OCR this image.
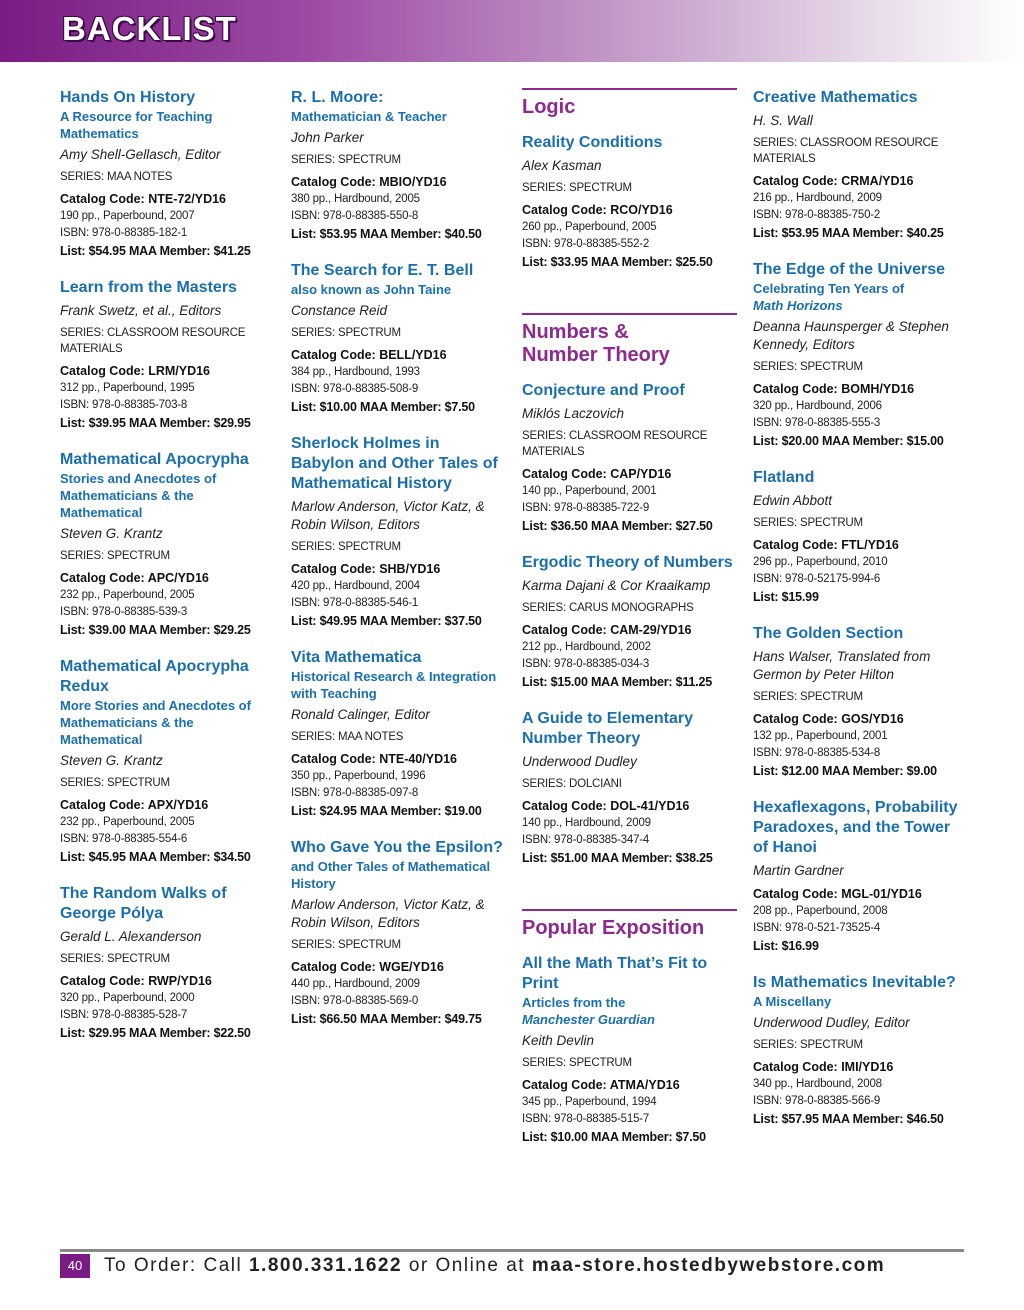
BACKLIST
Hands On History
A Resource for Teaching Mathematics
Amy Shell-Gellasch, Editor
SERIES: MAA NOTES
Catalog Code: NTE-72/YD16
190 pp., Paperbound, 2007
ISBN: 978-0-88385-182-1
List: $54.95 MAA Member: $41.25
Learn from the Masters
Frank Swetz, et al., Editors
SERIES: CLASSROOM RESOURCE MATERIALS
Catalog Code: LRM/YD16
312 pp., Paperbound, 1995
ISBN: 978-0-88385-703-8
List: $39.95 MAA Member: $29.95
Mathematical Apocrypha
Stories and Anecdotes of Mathematicians & the Mathematical
Steven G. Krantz
SERIES: SPECTRUM
Catalog Code: APC/YD16
232 pp., Paperbound, 2005
ISBN: 978-0-88385-539-3
List: $39.00 MAA Member: $29.25
Mathematical Apocrypha Redux
More Stories and Anecdotes of Mathematicians & the Mathematical
Steven G. Krantz
SERIES: SPECTRUM
Catalog Code: APX/YD16
232 pp., Paperbound, 2005
ISBN: 978-0-88385-554-6
List: $45.95 MAA Member: $34.50
The Random Walks of George Pólya
Gerald L. Alexanderson
SERIES: SPECTRUM
Catalog Code: RWP/YD16
320 pp., Paperbound, 2000
ISBN: 978-0-88385-528-7
List: $29.95 MAA Member: $22.50
R. L. Moore:
Mathematician & Teacher
John Parker
SERIES: SPECTRUM
Catalog Code: MBIO/YD16
380 pp., Hardbound, 2005
ISBN: 978-0-88385-550-8
List: $53.95 MAA Member: $40.50
The Search for E. T. Bell
also known as John Taine
Constance Reid
SERIES: SPECTRUM
Catalog Code: BELL/YD16
384 pp., Hardbound, 1993
ISBN: 978-0-88385-508-9
List: $10.00 MAA Member: $7.50
Sherlock Holmes in Babylon and Other Tales of Mathematical History
Marlow Anderson, Victor Katz, & Robin Wilson, Editors
SERIES: SPECTRUM
Catalog Code: SHB/YD16
420 pp., Hardbound, 2004
ISBN: 978-0-88385-546-1
List: $49.95 MAA Member: $37.50
Vita Mathematica
Historical Research & Integration with Teaching
Ronald Calinger, Editor
SERIES: MAA NOTES
Catalog Code: NTE-40/YD16
350 pp., Paperbound, 1996
ISBN: 978-0-88385-097-8
List: $24.95 MAA Member: $19.00
Who Gave You the Epsilon?
and Other Tales of Mathematical History
Marlow Anderson, Victor Katz, & Robin Wilson, Editors
SERIES: SPECTRUM
Catalog Code: WGE/YD16
440 pp., Hardbound, 2009
ISBN: 978-0-88385-569-0
List: $66.50 MAA Member: $49.75
Logic
Reality Conditions
Alex Kasman
SERIES: SPECTRUM
Catalog Code: RCO/YD16
260 pp., Paperbound, 2005
ISBN: 978-0-88385-552-2
List: $33.95 MAA Member: $25.50
Numbers & Number Theory
Conjecture and Proof
Miklós Laczovich
SERIES: CLASSROOM RESOURCE MATERIALS
Catalog Code: CAP/YD16
140 pp., Paperbound, 2001
ISBN: 978-0-88385-722-9
List: $36.50 MAA Member: $27.50
Ergodic Theory of Numbers
Karma Dajani & Cor Kraaikamp
SERIES: CARUS MONOGRAPHS
Catalog Code: CAM-29/YD16
212 pp., Hardbound, 2002
ISBN: 978-0-88385-034-3
List: $15.00 MAA Member: $11.25
A Guide to Elementary Number Theory
Underwood Dudley
SERIES: DOLCIANI
Catalog Code: DOL-41/YD16
140 pp., Hardbound, 2009
ISBN: 978-0-88385-347-4
List: $51.00 MAA Member: $38.25
Popular Exposition
All the Math That’s Fit to Print
Articles from the
Manchester Guardian
Keith Devlin
SERIES: SPECTRUM
Catalog Code: ATMA/YD16
345 pp., Paperbound, 1994
ISBN: 978-0-88385-515-7
List: $10.00 MAA Member: $7.50
Creative Mathematics
H. S. Wall
SERIES: CLASSROOM RESOURCE MATERIALS
Catalog Code: CRMA/YD16
216 pp., Hardbound, 2009
ISBN: 978-0-88385-750-2
List: $53.95 MAA Member: $40.25
The Edge of the Universe
Celebrating Ten Years of
Math Horizons
Deanna Haunsperger & Stephen Kennedy, Editors
SERIES: SPECTRUM
Catalog Code: BOMH/YD16
320 pp., Hardbound, 2006
ISBN: 978-0-88385-555-3
List: $20.00 MAA Member: $15.00
Flatland
Edwin Abbott
SERIES: SPECTRUM
Catalog Code: FTL/YD16
296 pp., Paperbound, 2010
ISBN: 978-0-52175-994-6
List: $15.99
The Golden Section
Hans Walser, Translated from Germon by Peter Hilton
SERIES: SPECTRUM
Catalog Code: GOS/YD16
132 pp., Paperbound, 2001
ISBN: 978-0-88385-534-8
List: $12.00 MAA Member: $9.00
Hexaflexagons, Probability Paradoxes, and the Tower of Hanoi
Martin Gardner
Catalog Code: MGL-01/YD16
208 pp., Paperbound, 2008
ISBN: 978-0-521-73525-4
List: $16.99
Is Mathematics Inevitable?
A Miscellany
Underwood Dudley, Editor
SERIES: SPECTRUM
Catalog Code: IMI/YD16
340 pp., Hardbound, 2008
ISBN: 978-0-88385-566-9
List: $57.95 MAA Member: $46.50
40	To Order: Call 1.800.331.1622 or Online at maa-store.hostedbywebstore.com
